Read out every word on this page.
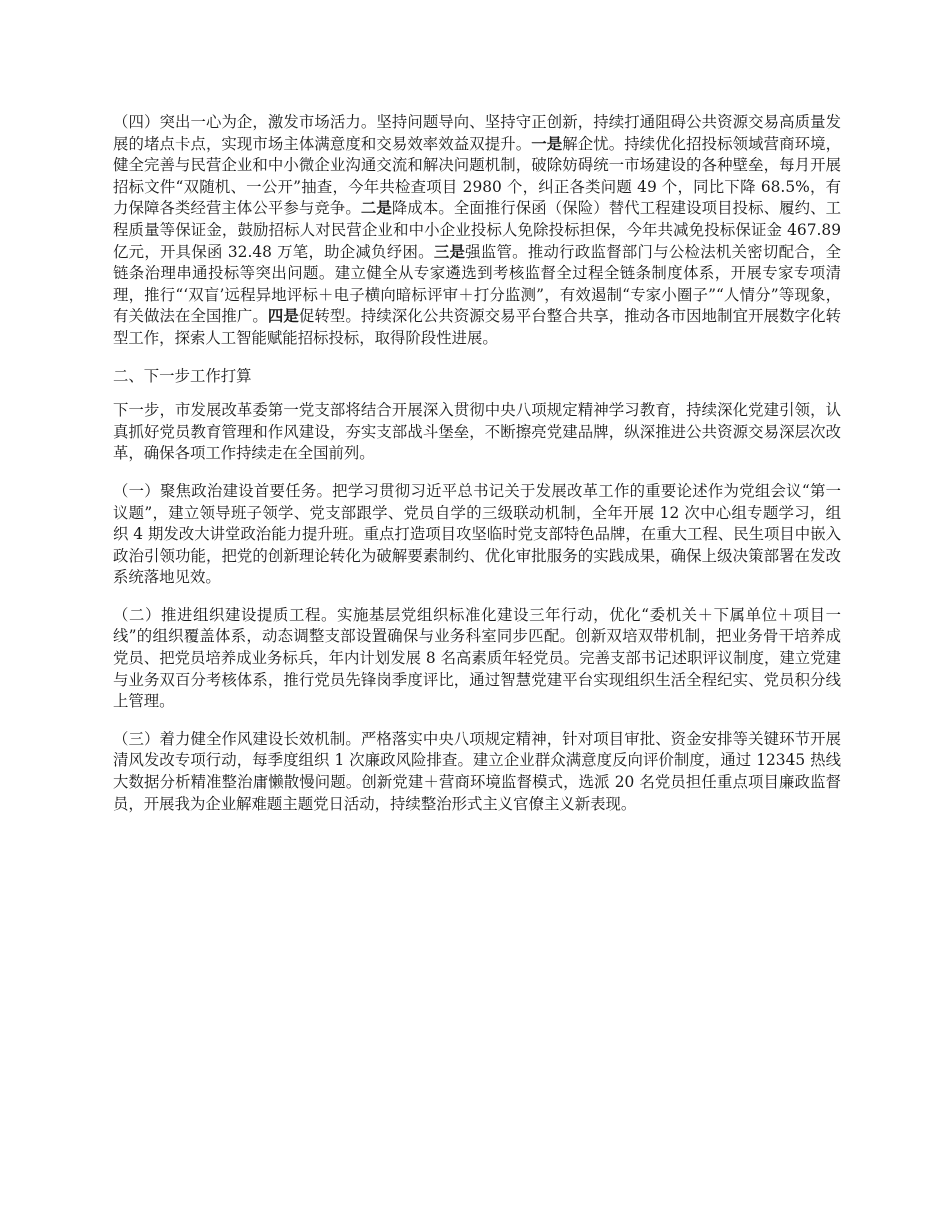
（四）突出一心为企，激发市场活力。坚持问题导向、坚持守正创新，持续打通阻碍公共资源交易高质量发展的堵点卡点，实现市场主体满意度和交易效率效益双提升。一是解企忧。持续优化招投标领域营商环境，健全完善与民营企业和中小微企业沟通交流和解决问题机制，破除妨碍统一市场建设的各种壁垒，每月开展招标文件“双随机、一公开”抽查，今年共检查项目 2980 个，纠正各类问题 49 个，同比下降 68.5%，有力保障各类经营主体公平参与竞争。二是降成本。全面推行保函（保险）替代工程建设项目投标、履约、工程质量等保证金，鼓励招标人对民营企业和中小企业投标人免除投标担保，今年共减免投标保证金 467.89 亿元，开具保函 32.48 万笔，助企减负纾困。三是强监管。推动行政监督部门与公检法机关密切配合，全链条治理串通投标等突出问题。建立健全从专家遴选到考核监督全过程全链条制度体系，开展专家专项清理，推行“‘双盲’远程异地评标＋电子横向暗标评审＋打分监测”，有效遏制“专家小圈子”“人情分”等现象，有关做法在全国推广。四是促转型。持续深化公共资源交易平台整合共享，推动各市因地制宜开展数字化转型工作，探索人工智能赋能招标投标，取得阶段性进展。

二、下一步工作打算

下一步，市发展改革委第一党支部将结合开展深入贯彻中央八项规定精神学习教育，持续深化党建引领，认真抓好党员教育管理和作风建设，夯实支部战斗堡垒，不断擦亮党建品牌，纵深推进公共资源交易深层次改革，确保各项工作持续走在全国前列。

（一）聚焦政治建设首要任务。把学习贯彻习近平总书记关于发展改革工作的重要论述作为党组会议“第一议题”，建立领导班子领学、党支部跟学、党员自学的三级联动机制，全年开展 12 次中心组专题学习，组织 4 期发改大讲堂政治能力提升班。重点打造项目攻坚临时党支部特色品牌，在重大工程、民生项目中嵌入政治引领功能，把党的创新理论转化为破解要素制约、优化审批服务的实践成果，确保上级决策部署在发改系统落地见效。

（二）推进组织建设提质工程。实施基层党组织标准化建设三年行动，优化“委机关＋下属单位＋项目一线”的组织覆盖体系，动态调整支部设置确保与业务科室同步匹配。创新双培双带机制，把业务骨干培养成党员、把党员培养成业务标兵，年内计划发展 8 名高素质年轻党员。完善支部书记述职评议制度，建立党建与业务双百分考核体系，推行党员先锋岗季度评比，通过智慧党建平台实现组织生活全程纪实、党员积分线上管理。

（三）着力健全作风建设长效机制。严格落实中央八项规定精神，针对项目审批、资金安排等关键环节开展清风发改专项行动，每季度组织 1 次廉政风险排查。建立企业群众满意度反向评价制度，通过 12345 热线大数据分析精准整治庸懒散慢问题。创新党建＋营商环境监督模式，选派 20 名党员担任重点项目廉政监督员，开展我为企业解难题主题党日活动，持续整治形式主义官僚主义新表现。
